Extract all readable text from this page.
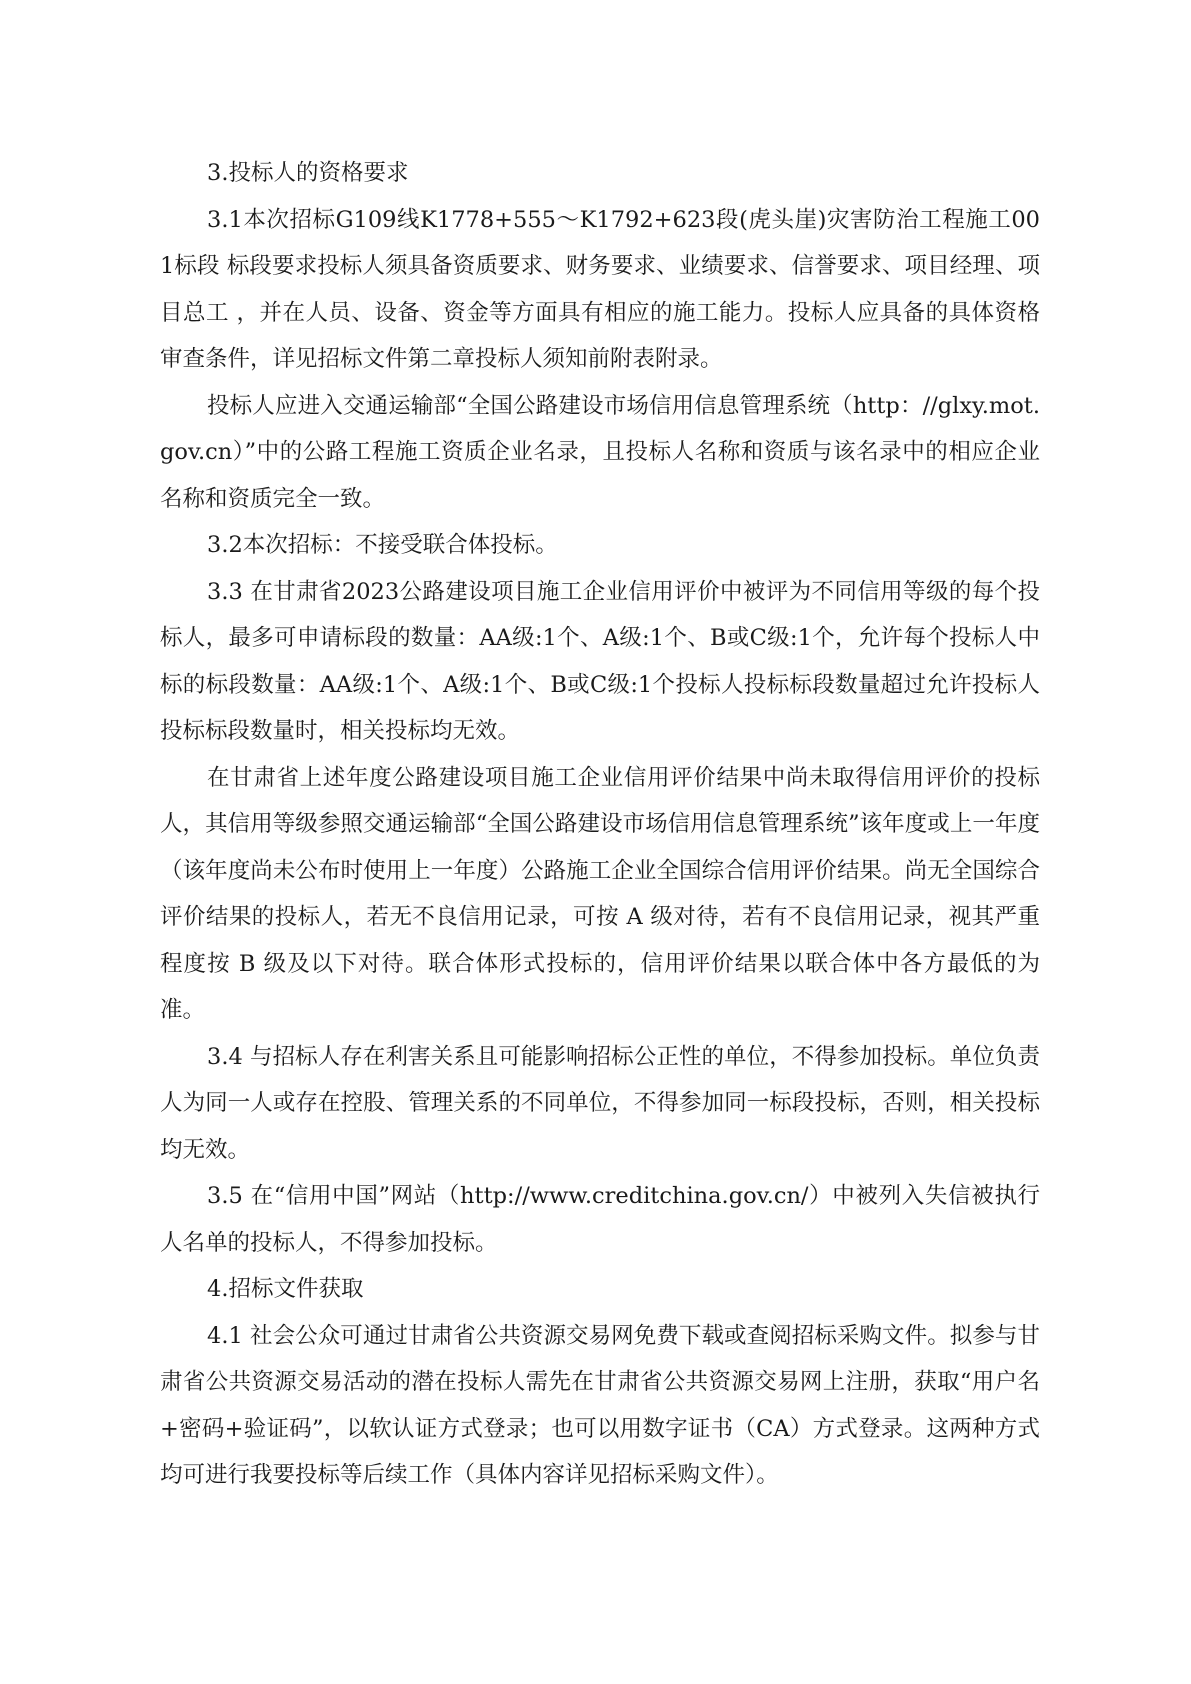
3.投标人的资格要求

3.1本次招标G109线K1778+555～K1792+623段(虎头崖)灾害防治工程施工001标段 标段要求投标人须具备资质要求、财务要求、业绩要求、信誉要求、项目经理、项目总工 ，并在人员、设备、资金等方面具有相应的施工能力。投标人应具备的具体资格审查条件，详见招标文件第二章投标人须知前附表附录。

投标人应进入交通运输部“全国公路建设市场信用信息管理系统（http：//glxy.mot.gov.cn）”中的公路工程施工资质企业名录，且投标人名称和资质与该名录中的相应企业名称和资质完全一致。

3.2本次招标：不接受联合体投标。

3.3 在甘肃省2023公路建设项目施工企业信用评价中被评为不同信用等级的每个投标人，最多可申请标段的数量：AA级:1个、A级:1个、B或C级:1个，允许每个投标人中标的标段数量：AA级:1个、A级:1个、B或C级:1个投标人投标标段数量超过允许投标人投标标段数量时，相关投标均无效。

在甘肃省上述年度公路建设项目施工企业信用评价结果中尚未取得信用评价的投标人，其信用等级参照交通运输部“全国公路建设市场信用信息管理系统”该年度或上一年度（该年度尚未公布时使用上一年度）公路施工企业全国综合信用评价结果。尚无全国综合评价结果的投标人，若无不良信用记录，可按 A 级对待，若有不良信用记录，视其严重程度按 B 级及以下对待。联合体形式投标的，信用评价结果以联合体中各方最低的为准。

3.4 与招标人存在利害关系且可能影响招标公正性的单位，不得参加投标。单位负责人为同一人或存在控股、管理关系的不同单位，不得参加同一标段投标，否则，相关投标均无效。

3.5 在“信用中国”网站（http://www.creditchina.gov.cn/）中被列入失信被执行人名单的投标人，不得参加投标。

4.招标文件获取

4.1 社会公众可通过甘肃省公共资源交易网免费下载或查阅招标采购文件。拟参与甘肃省公共资源交易活动的潜在投标人需先在甘肃省公共资源交易网上注册，获取“用户名+密码+验证码”，以软认证方式登录；也可以用数字证书（CA）方式登录。这两种方式均可进行我要投标等后续工作（具体内容详见招标采购文件）。
